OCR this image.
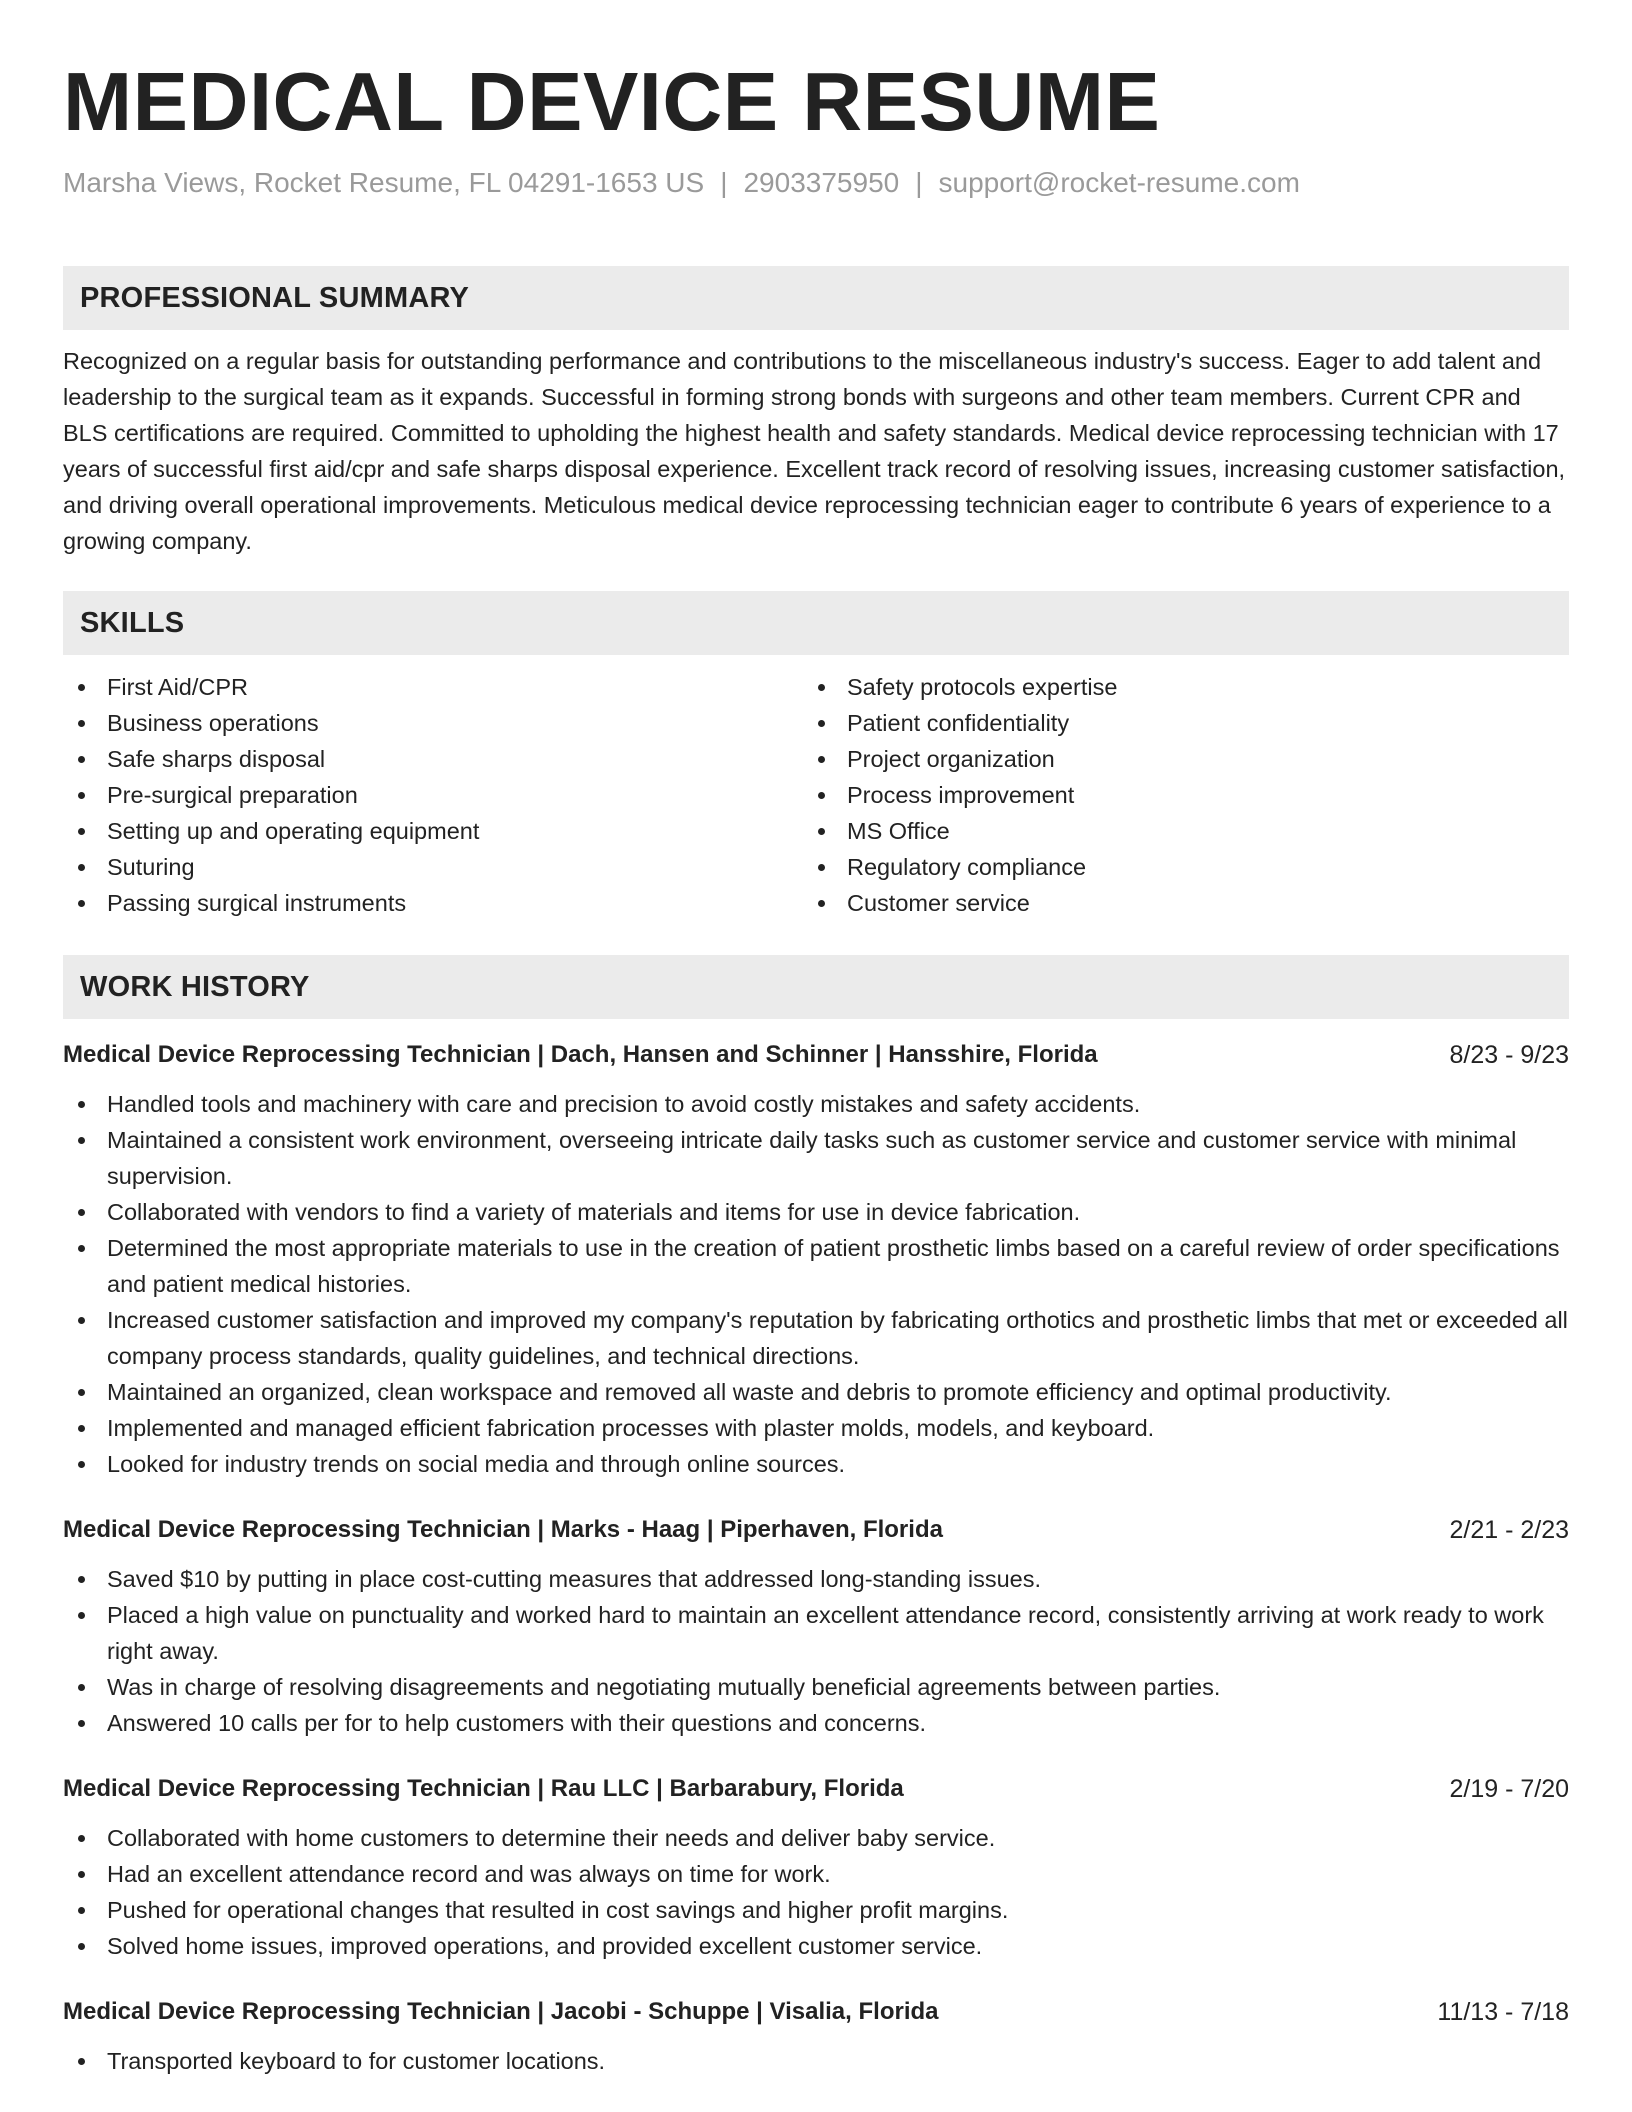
MEDICAL DEVICE RESUME
Marsha Views, Rocket Resume, FL 04291-1653 US | 2903375950 | support@rocket-resume.com
PROFESSIONAL SUMMARY
Recognized on a regular basis for outstanding performance and contributions to the miscellaneous industry's success. Eager to add talent and leadership to the surgical team as it expands. Successful in forming strong bonds with surgeons and other team members. Current CPR and BLS certifications are required. Committed to upholding the highest health and safety standards. Medical device reprocessing technician with 17 years of successful first aid/cpr and safe sharps disposal experience. Excellent track record of resolving issues, increasing customer satisfaction, and driving overall operational improvements. Meticulous medical device reprocessing technician eager to contribute 6 years of experience to a growing company.
SKILLS
First Aid/CPR
Business operations
Safe sharps disposal
Pre-surgical preparation
Setting up and operating equipment
Suturing
Passing surgical instruments
Safety protocols expertise
Patient confidentiality
Project organization
Process improvement
MS Office
Regulatory compliance
Customer service
WORK HISTORY
Medical Device Reprocessing Technician | Dach, Hansen and Schinner | Hansshire, Florida	8/23 - 9/23
Handled tools and machinery with care and precision to avoid costly mistakes and safety accidents.
Maintained a consistent work environment, overseeing intricate daily tasks such as customer service and customer service with minimal supervision.
Collaborated with vendors to find a variety of materials and items for use in device fabrication.
Determined the most appropriate materials to use in the creation of patient prosthetic limbs based on a careful review of order specifications and patient medical histories.
Increased customer satisfaction and improved my company's reputation by fabricating orthotics and prosthetic limbs that met or exceeded all company process standards, quality guidelines, and technical directions.
Maintained an organized, clean workspace and removed all waste and debris to promote efficiency and optimal productivity.
Implemented and managed efficient fabrication processes with plaster molds, models, and keyboard.
Looked for industry trends on social media and through online sources.
Medical Device Reprocessing Technician | Marks - Haag | Piperhaven, Florida	2/21 - 2/23
Saved $10 by putting in place cost-cutting measures that addressed long-standing issues.
Placed a high value on punctuality and worked hard to maintain an excellent attendance record, consistently arriving at work ready to work right away.
Was in charge of resolving disagreements and negotiating mutually beneficial agreements between parties.
Answered 10 calls per for to help customers with their questions and concerns.
Medical Device Reprocessing Technician | Rau LLC | Barbarabury, Florida	2/19 - 7/20
Collaborated with home customers to determine their needs and deliver baby service.
Had an excellent attendance record and was always on time for work.
Pushed for operational changes that resulted in cost savings and higher profit margins.
Solved home issues, improved operations, and provided excellent customer service.
Medical Device Reprocessing Technician | Jacobi - Schuppe | Visalia, Florida	11/13 - 7/18
Transported keyboard to for customer locations.
